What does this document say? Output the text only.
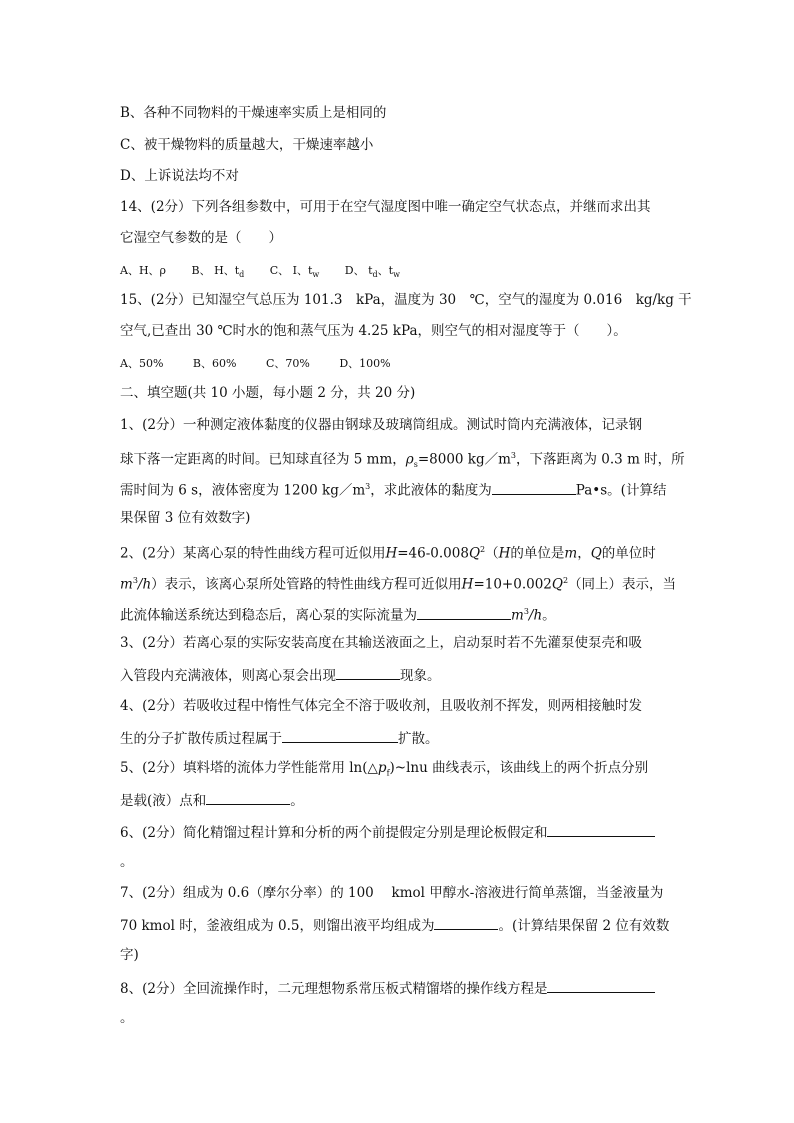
B、各种不同物料的干燥速率实质上是相同的
C、被干燥物料的质量越大，干燥速率越小
D、上诉说法均不对
14、(2分）下列各组参数中，可用于在空气湿度图中唯一确定空气状态点，并继而求出其
它湿空气参数的是（　　）
A、H、ρ B、 H、$t_d$ C、 I、$t_w$ D、 $t_d$、$t_w$
15、(2分）已知湿空气总压为 101.3　kPa，温度为 30　℃，空气的湿度为 0.016　kg/kg 干
空气,已查出 30 ℃时水的饱和蒸气压为 4.25 kPa，则空气的相对湿度等于（　　）。
A、50%	B、60%	C、70%	D、100%
二、填空题(共 10 小题，每小题 2 分，共 20 分)
1、(2分）一种测定液体黏度的仪器由钢球及玻璃筒组成。测试时筒内充满液体，记录钢
球下落一定距离的时间。已知球直径为 5 mm，$\rho_s=8000$ $kg/m^3$，下落距离为 0.3 m 时，所
需时间为 6 s，液体密度为 1200 $kg/m^3$，求此液体的黏度为	Pa•s。(计算结
果保留 3 位有效数字)
2、(2分）某离心泵的特性曲线方程可近似用$H=46-0.008Q^2(H$的单位是m，Q的单位时
$m^3/h$）表示，该离心泵所处管路的特性曲线方程可近似用$H=10+0.002Q^2$（同上）表示，当
此流体输送系统达到稳态后，离心泵的实际流量为	$m^3/h$。
3、(2分）若离心泵的实际安装高度在其输送液面之上，启动泵时若不先灌泵使泵壳和吸
入管段内充满液体，则离心泵会出现	现象。
4、(2分）若吸收过程中惰性气体完全不溶于吸收剂，且吸收剂不挥发，则两相接触时发
生的分子扩散传质过程属于	扩散。
5、(2分）填料塔的流体力学性能常用 $\ln(\triangle p_f)\sim\ln u$ 曲线表示，该曲线上的两个折点分别
是载(液）点和	。
6、(2分）简化精馏过程计算和分析的两个前提假定分别是理论板假定和
。
7、(2分）组成为 0.6（摩尔分率）的 100　 kmol 甲醇水-溶液进行简单蒸馏，当釜液量为
70 kmol 时，釜液组成为 0.5，则馏出液平均组成为	。(计算结果保留 2 位有效数
字)
8、(2分）全回流操作时，二元理想物系常压板式精馏塔的操作线方程是
。
